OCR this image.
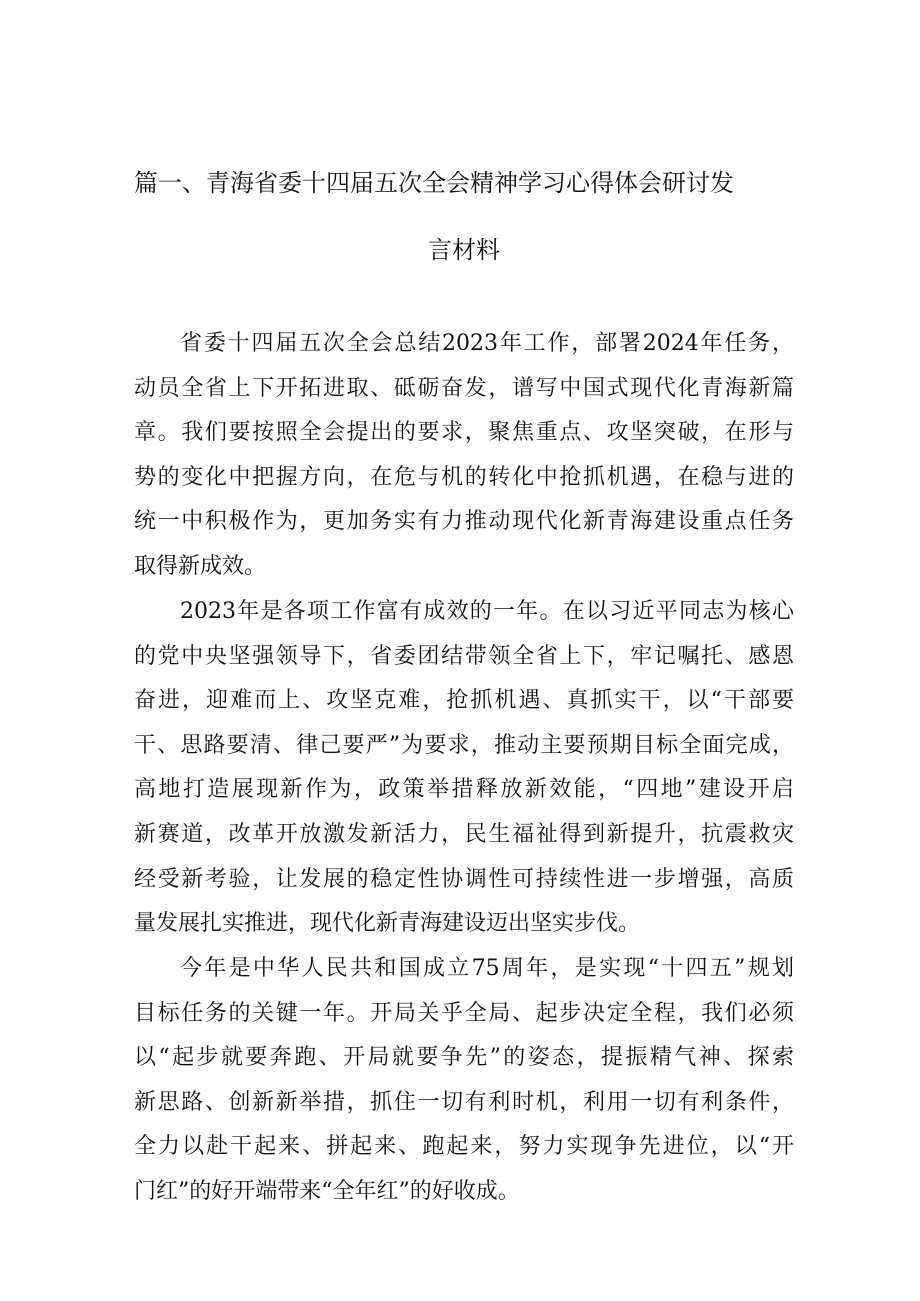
篇一、青海省委十四届五次全会精神学习心得体会研讨发
言材料
省委十四届五次全会总结2023年工作，部署2024年任务，
动员全省上下开拓进取、砥砺奋发，谱写中国式现代化青海新篇
章。我们要按照全会提出的要求，聚焦重点、攻坚突破，在形与
势的变化中把握方向，在危与机的转化中抢抓机遇，在稳与进的
统一中积极作为，更加务实有力推动现代化新青海建设重点任务
取得新成效。
2023年是各项工作富有成效的一年。在以习近平同志为核心
的党中央坚强领导下，省委团结带领全省上下，牢记嘱托、感恩
奋进，迎难而上、攻坚克难，抢抓机遇、真抓实干，以“干部要
干、思路要清、律己要严”为要求，推动主要预期目标全面完成，
高地打造展现新作为，政策举措释放新效能，“四地”建设开启
新赛道，改革开放激发新活力，民生福祉得到新提升，抗震救灾
经受新考验，让发展的稳定性协调性可持续性进一步增强，高质
量发展扎实推进，现代化新青海建设迈出坚实步伐。
今年是中华人民共和国成立75周年，是实现“十四五”规划
目标任务的关键一年。开局关乎全局、起步决定全程，我们必须
以“起步就要奔跑、开局就要争先”的姿态，提振精气神、探索
新思路、创新新举措，抓住一切有利时机，利用一切有利条件，
全力以赴干起来、拼起来、跑起来，努力实现争先进位，以“开
门红”的好开端带来“全年红”的好收成。
